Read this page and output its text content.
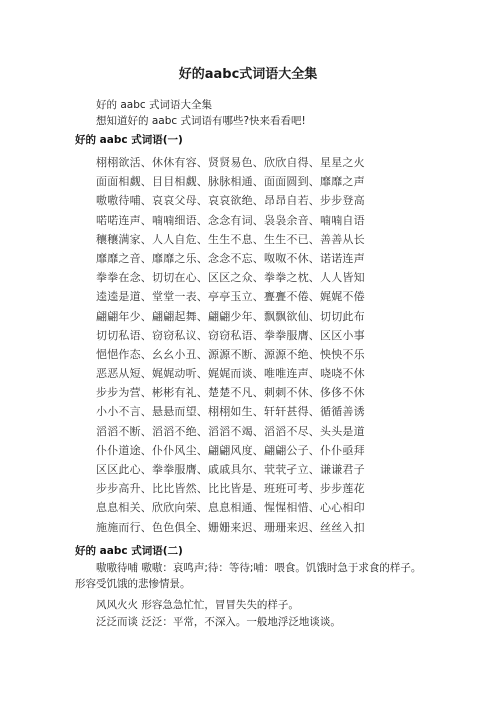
好的aabc式词语大全集
好的 aabc 式词语大全集
想知道好的 aabc 式词语有哪些?快来看看吧!
好的 aabc 式词语(一)
栩栩欲活、休休有容、贤贤易色、欣欣自得、星星之火
面面相觑、目目相觑、脉脉相通、面面圆到、靡靡之声
嗷嗷待哺、哀哀父母、哀哀欲绝、昂昂自若、步步登高
喏喏连声、喃喃细语、念念有词、袅袅余音、喃喃自语
穰穰满家、人人自危、生生不息、生生不已、善善从长
靡靡之音、靡靡之乐、念念不忘、呶呶不休、诺诺连声
拳拳在念、切切在心、区区之众、拳拳之枕、人人皆知
逵逵是道、堂堂一表、亭亭玉立、亹亹不倦、娓娓不倦
翩翩年少、翩翩起舞、翩翩少年、飘飘欲仙、切切此布
切切私语、窃窃私议、窃窃私语、拳拳服膺、区区小事
悒悒作态、幺幺小丑、源源不断、源源不绝、怏怏不乐
恶恶从短、娓娓动听、娓娓而谈、唯唯连声、哓哓不休
步步为营、彬彬有礼、楚楚不凡、刺刺不休、侈侈不休
小小不言、悬悬而望、栩栩如生、轩轩甚得、循循善诱
滔滔不断、滔滔不绝、滔滔不竭、滔滔不尽、头头是道
仆仆道途、仆仆风尘、翩翩风度、翩翩公子、仆仆亟拜
区区此心、拳拳服膺、戚戚具尔、茕茕孑立、谦谦君子
步步高升、比比皆然、比比皆是、班班可考、步步莲花
息息相关、欣欣向荣、息息相通、惺惺相惜、心心相印
施施而行、色色俱全、姗姗来迟、珊珊来迟、丝丝入扣
好的 aabc 式词语(二)
嗷嗷待哺 嗷嗷：哀鸣声;待：等待;哺：喂食。饥饿时急于求食的样子。形容受饥饿的悲惨情景。
风风火火 形容急急忙忙，冒冒失失的样子。
泛泛而谈 泛泛：平常，不深入。一般地浮泛地谈谈。
